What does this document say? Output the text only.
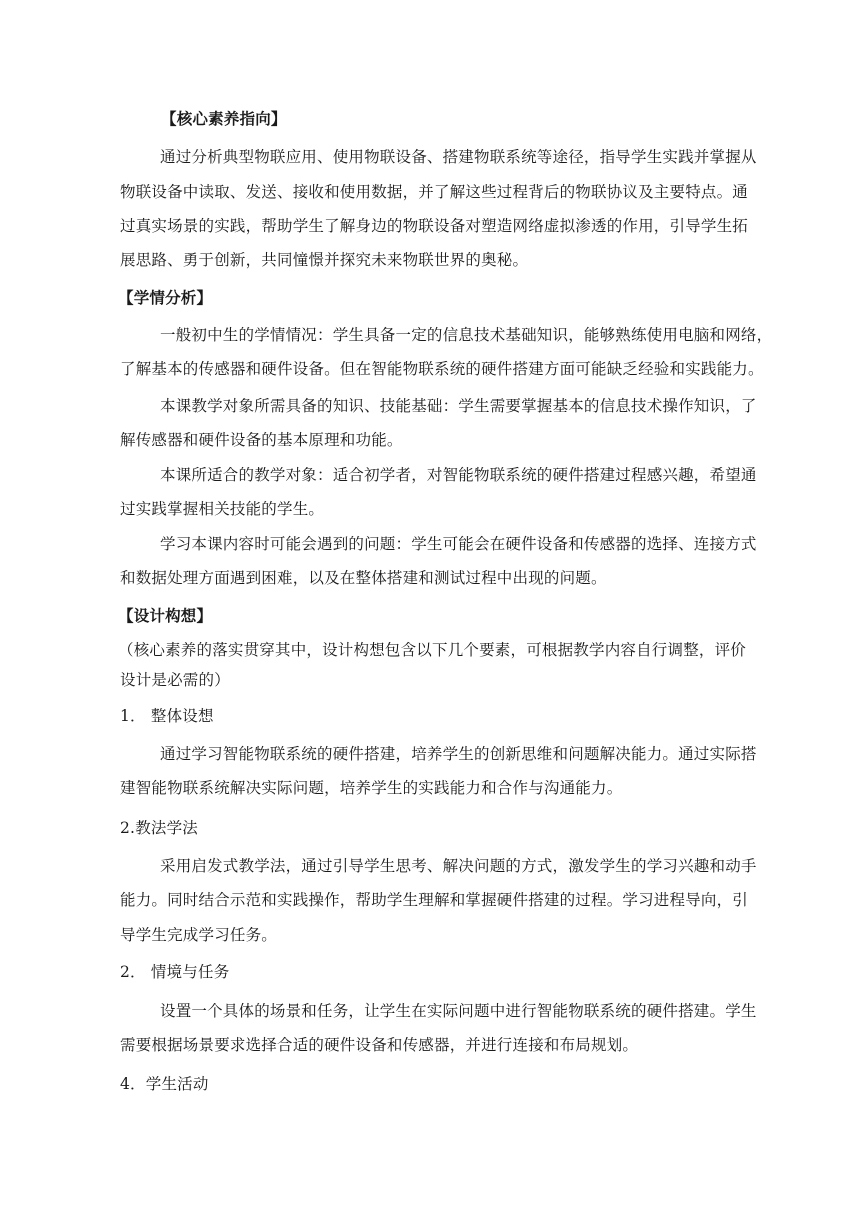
【核心素养指向】
通过分析典型物联应用、使用物联设备、搭建物联系统等途径，指导学生实践并掌握从
物联设备中读取、发送、接收和使用数据，并了解这些过程背后的物联协议及主要特点。通
过真实场景的实践，帮助学生了解身边的物联设备对塑造网络虚拟渗透的作用，引导学生拓
展思路、勇于创新，共同憧憬并探究未来物联世界的奥秘。
【学情分析】
一般初中生的学情情况：学生具备一定的信息技术基础知识，能够熟练使用电脑和网络，
了解基本的传感器和硬件设备。但在智能物联系统的硬件搭建方面可能缺乏经验和实践能力。
本课教学对象所需具备的知识、技能基础：学生需要掌握基本的信息技术操作知识，了
解传感器和硬件设备的基本原理和功能。
本课所适合的教学对象：适合初学者，对智能物联系统的硬件搭建过程感兴趣，希望通
过实践掌握相关技能的学生。
学习本课内容时可能会遇到的问题：学生可能会在硬件设备和传感器的选择、连接方式
和数据处理方面遇到困难，以及在整体搭建和测试过程中出现的问题。
【设计构想】
（核心素养的落实贯穿其中，设计构想包含以下几个要素，可根据教学内容自行调整，评价
设计是必需的）
1． 整体设想
通过学习智能物联系统的硬件搭建，培养学生的创新思维和问题解决能力。通过实际搭
建智能物联系统解决实际问题，培养学生的实践能力和合作与沟通能力。
2.教法学法
采用启发式教学法，通过引导学生思考、解决问题的方式，激发学生的学习兴趣和动手
能力。同时结合示范和实践操作，帮助学生理解和掌握硬件搭建的过程。学习进程导向，引
导学生完成学习任务。
2． 情境与任务
设置一个具体的场景和任务，让学生在实际问题中进行智能物联系统的硬件搭建。学生
需要根据场景要求选择合适的硬件设备和传感器，并进行连接和布局规划。
4．学生活动
